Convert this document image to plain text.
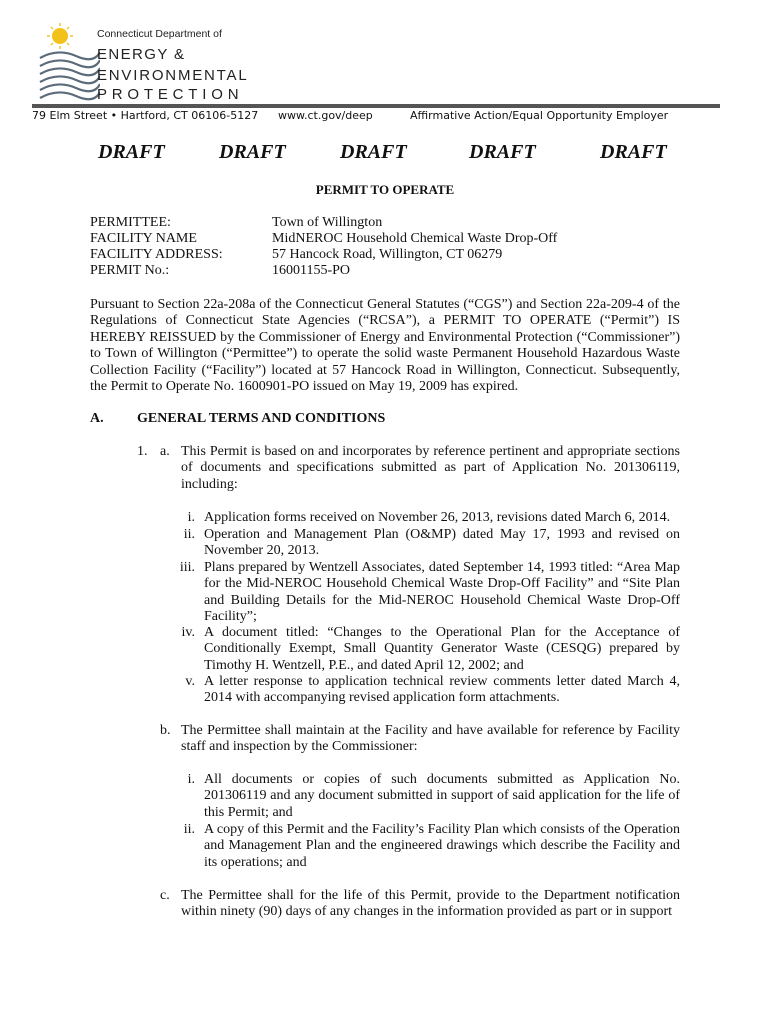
Connecticut Department of
ENERGY &
ENVIRONMENTAL
PROTECTION
79 Elm Street • Hartford, CT 06106-5127 www.ct.gov/deep	Affirmative Action/Equal Opportunity Employer
DRAFT	DRAFT	DRAFT	DRAFT	DRAFT
PERMIT TO OPERATE
PERMITTEE:	Town of Willington
FACILITY NAME	MidNEROC Household Chemical Waste Drop-Off
FACILITY ADDRESS:	57 Hancock Road, Willington, CT 06279
PERMIT No.:	16001155-PO

Pursuant to Section 22a-208a of the Connecticut General Statutes (“CGS”) and Section 22a-209-4 of the Regulations of Connecticut State Agencies (“RCSA”), a PERMIT TO OPERATE (“Permit”) IS HEREBY REISSUED by the Commissioner of Energy and Environmental Protection (“Commissioner”) to Town of Willington (“Permittee”) to operate the solid waste Permanent Household Hazardous Waste Collection Facility (“Facility”) located at 57 Hancock Road in Willington, Connecticut. Subsequently, the Permit to Operate No. 1600901-PO issued on May 19, 2009 has expired.

A. GENERAL TERMS AND CONDITIONS
1. a. This Permit is based on and incorporates by reference pertinent and appropriate sections of documents and specifications submitted as part of Application No. 201306119, including:
i. Application forms received on November 26, 2013, revisions dated March 6, 2014.
ii. Operation and Management Plan (O&MP) dated May 17, 1993 and revised on November 20, 2013.
iii. Plans prepared by Wentzell Associates, dated September 14, 1993 titled: “Area Map for the Mid-NEROC Household Chemical Waste Drop-Off Facility” and “Site Plan and Building Details for the Mid-NEROC Household Chemical Waste Drop-Off Facility”;
iv. A document titled: “Changes to the Operational Plan for the Acceptance of Conditionally Exempt, Small Quantity Generator Waste (CESQG) prepared by Timothy H. Wentzell, P.E., and dated April 12, 2002; and
v. A letter response to application technical review comments letter dated March 4, 2014 with accompanying revised application form attachments.
b. The Permittee shall maintain at the Facility and have available for reference by Facility staff and inspection by the Commissioner:
i. All documents or copies of such documents submitted as Application No. 201306119 and any document submitted in support of said application for the life of this Permit; and
ii. A copy of this Permit and the Facility’s Facility Plan which consists of the Operation and Management Plan and the engineered drawings which describe the Facility and its operations; and
c. The Permittee shall for the life of this Permit, provide to the Department notification within ninety (90) days of any changes in the information provided as part or in support
